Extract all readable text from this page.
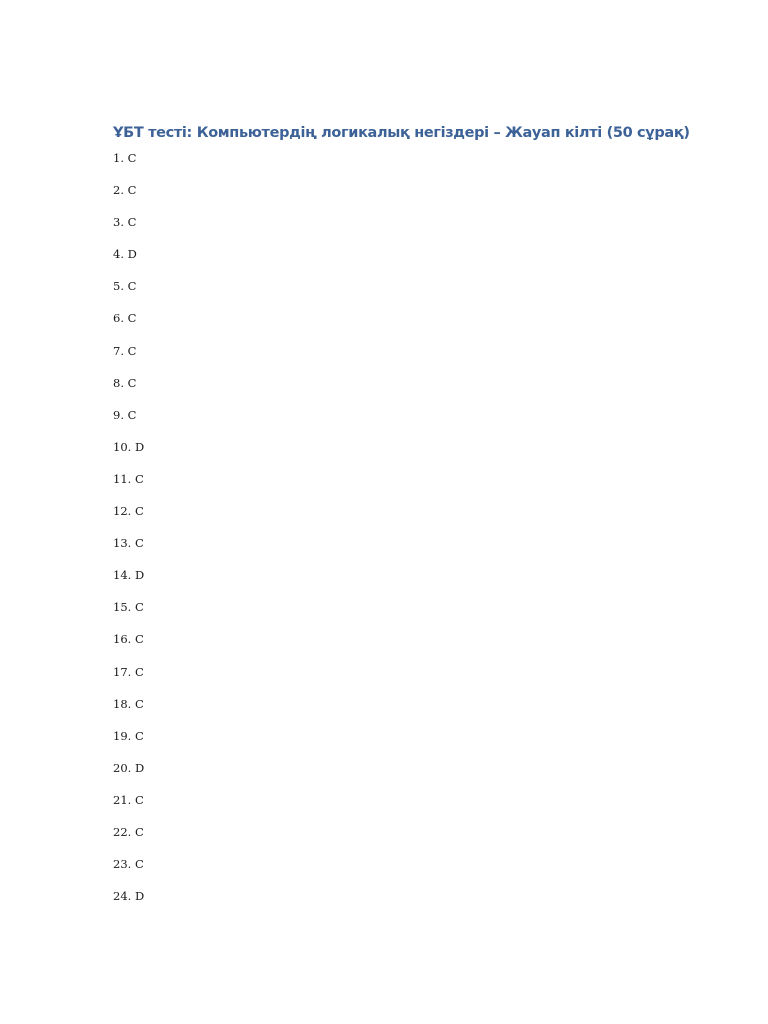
ҰБТ тесті: Компьютердің логикалық негіздері – Жауап кілті (50 сұрақ)
1. C
2. C
3. C
4. D
5. C
6. C
7. C
8. C
9. C
10. D
11. C
12. C
13. C
14. D
15. C
16. C
17. C
18. C
19. C
20. D
21. C
22. C
23. C
24. D
